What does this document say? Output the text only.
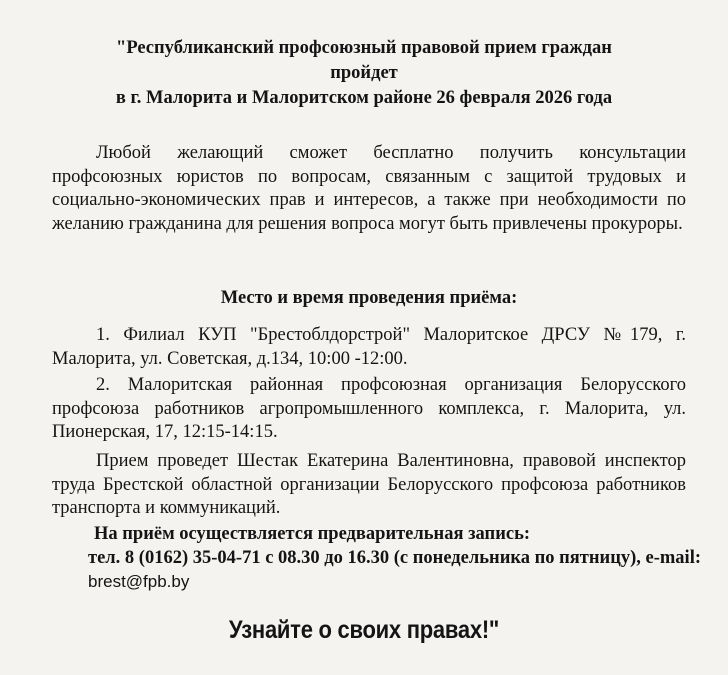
"Республиканский профсоюзный правовой прием граждан
пройдет
в г. Малорита и Малоритском районе 26 февраля 2026 года
Любой желающий сможет бесплатно получить консультации профсоюзных юристов по вопросам, связанным с защитой трудовых и социально-экономических прав и интересов, а также при необходимости по желанию гражданина для решения вопроса могут быть привлечены прокуроры.
Место и время проведения приёма:
1. Филиал КУП "Брестоблдорстрой" Малоритское ДРСУ №179, г. Малорита, ул. Советская, д.134, 10:00 -12:00.
2. Малоритская районная профсоюзная организация Белорусского профсоюза работников агропромышленного комплекса, г. Малорита, ул. Пионерская, 17, 12:15-14:15.
Прием проведет Шестак Екатерина Валентиновна, правовой инспектор труда Брестской областной организации Белорусского профсоюза работников транспорта и коммуникаций.
На приём осуществляется предварительная запись:
тел. 8 (0162) 35-04-71 с 08.30 до 16.30 (с понедельника по пятницу), e-mail: brest@fpb.by
Узнайте о своих правах!"
